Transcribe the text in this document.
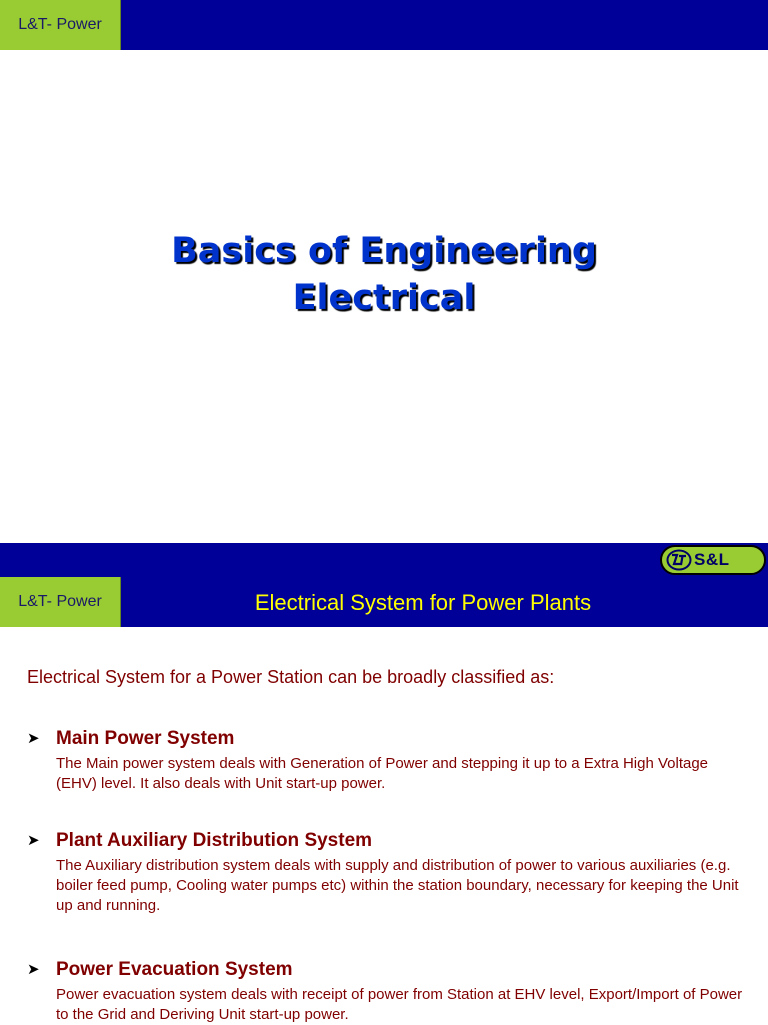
L&T- Power
Basics of Engineering
Electrical
S&L
L&T- Power	Electrical System for Power Plants
Electrical System for a Power Station can be broadly classified as:
➤ Main Power System
The Main power system deals with Generation of Power and stepping it up to a Extra High Voltage (EHV) level. It also deals with Unit start-up power.
➤ Plant Auxiliary Distribution System
The Auxiliary distribution system deals with supply and distribution of power to various auxiliaries (e.g. boiler feed pump, Cooling water pumps etc) within the station boundary, necessary for keeping the Unit up and running.
➤ Power Evacuation System
Power evacuation system deals with receipt of power from Station at EHV level, Export/Import of Power to the Grid and Deriving Unit start-up power.
